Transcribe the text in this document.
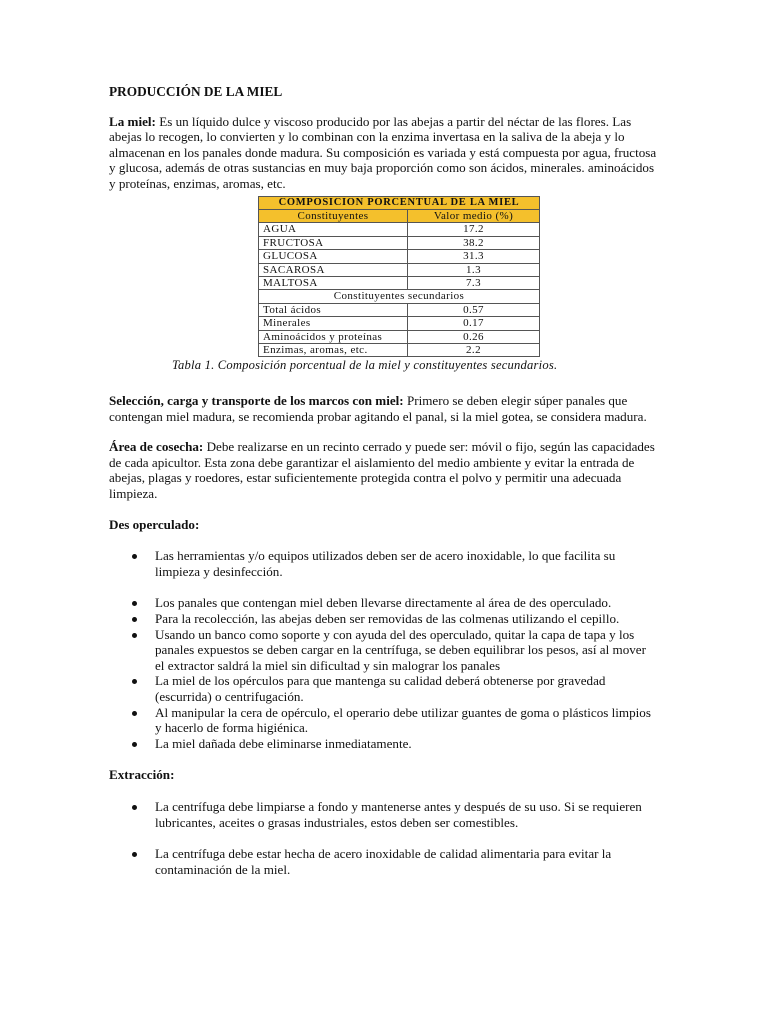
PRODUCCIÓN DE LA MIEL

La miel: Es un líquido dulce y viscoso producido por las abejas a partir del néctar de las flores. Las abejas lo recogen, lo convierten y lo combinan con la enzima invertasa en la saliva de la abeja y lo almacenan en los panales donde madura. Su composición es variada y está compuesta por agua, fructosa y glucosa, además de otras sustancias en muy baja proporción como son ácidos, minerales. aminoácidos y proteínas, enzimas, aromas, etc.

COMPOSICION PORCENTUAL DE LA MIEL	
Constituyentes	Valor medio (%)
AGUA	17.2
FRUCTOSA	38.2
GLUCOSA	31.3
SACAROSA	1.3
MALTOSA	7.3
Constituyentes secundarios	
Total ácidos	0.57
Minerales	0.17
Aminoácidos y proteínas	0.26
Enzimas, aromas, etc.	2.2

Tabla 1. Composición porcentual de la miel y constituyentes secundarios.

Selección, carga y transporte de los marcos con miel: Primero se deben elegir súper panales que contengan miel madura, se recomienda probar agitando el panal, si la miel gotea, se considera madura.

Área de cosecha: Debe realizarse en un recinto cerrado y puede ser: móvil o fijo, según las capacidades de cada apicultor. Esta zona debe garantizar el aislamiento del medio ambiente y evitar la entrada de abejas, plagas y roedores, estar suficientemente protegida contra el polvo y permitir una adecuada limpieza.

Des operculado:

Las herramientas y/o equipos utilizados deben ser de acero inoxidable, lo que facilita su limpieza y desinfección.
Los panales que contengan miel deben llevarse directamente al área de des operculado.
Para la recolección, las abejas deben ser removidas de las colmenas utilizando el cepillo.
Usando un banco como soporte y con ayuda del des operculado, quitar la capa de tapa y los panales expuestos se deben cargar en la centrífuga, se deben equilibrar los pesos, así al mover el extractor saldrá la miel sin dificultad y sin malograr los panales
La miel de los opérculos para que mantenga su calidad deberá obtenerse por gravedad (escurrida) o centrifugación.
Al manipular la cera de opérculo, el operario debe utilizar guantes de goma o plásticos limpios y hacerlo de forma higiénica.
La miel dañada debe eliminarse inmediatamente.

Extracción:

La centrífuga debe limpiarse a fondo y mantenerse antes y después de su uso. Si se requieren lubricantes, aceites o grasas industriales, estos deben ser comestibles.
La centrífuga debe estar hecha de acero inoxidable de calidad alimentaria para evitar la contaminación de la miel.
